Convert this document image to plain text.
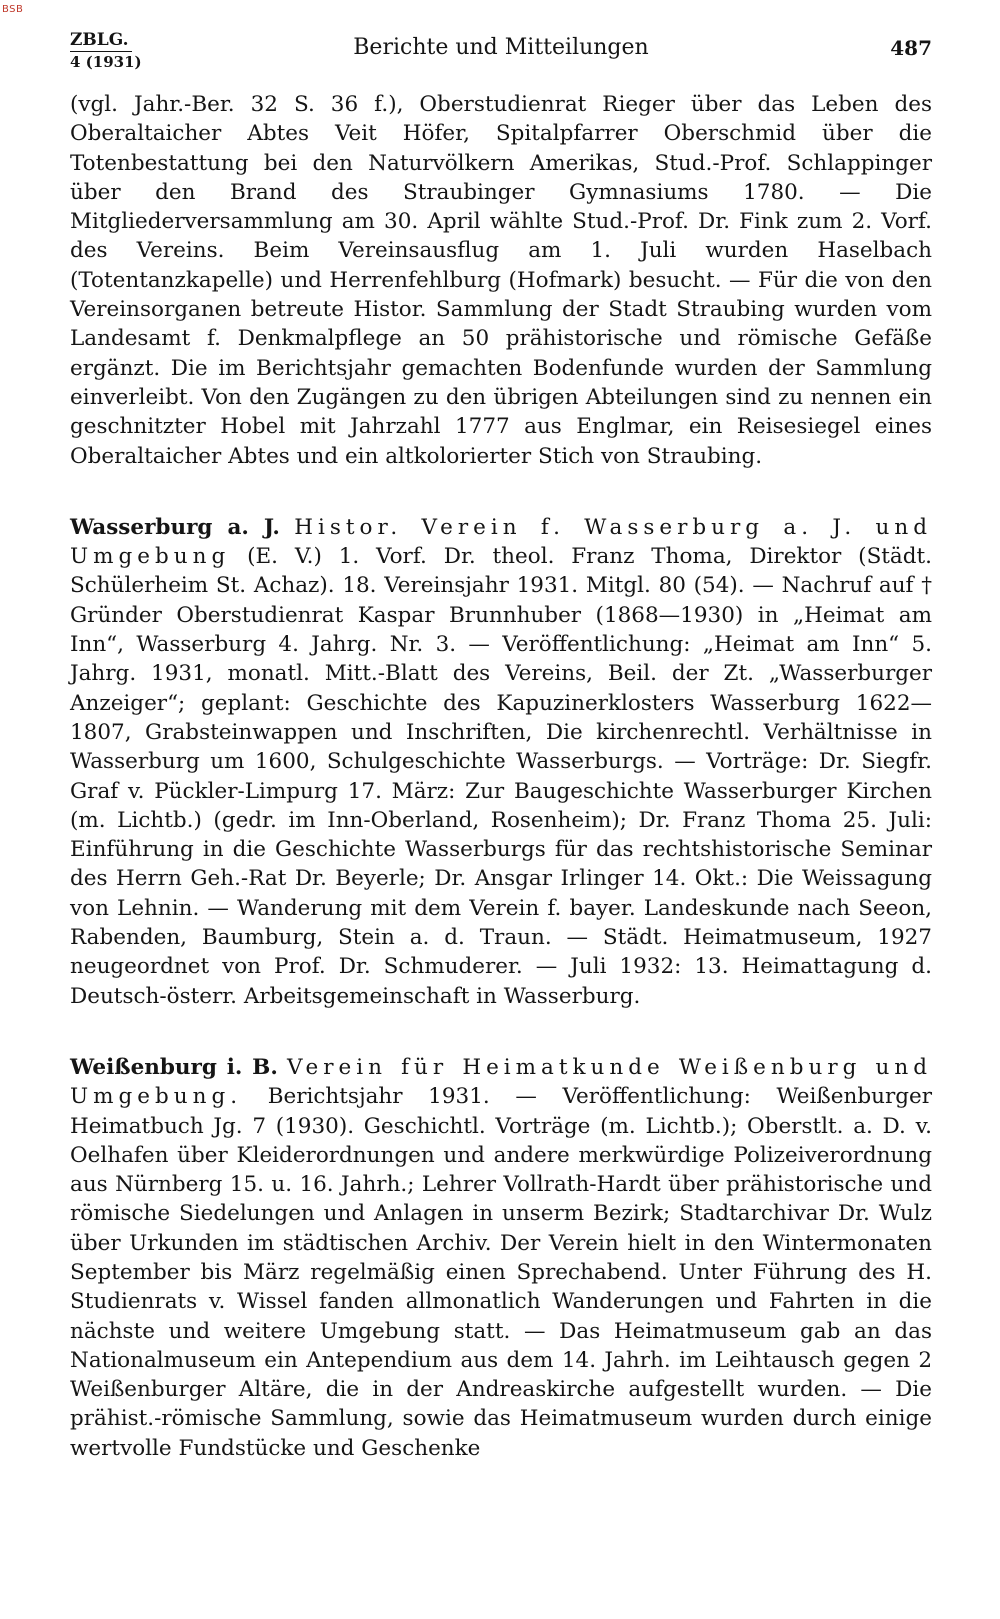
BSB
ZBLG.
4 (1931)
Berichte und Mitteilungen	487

(vgl. Jahr.-Ber. 32 S. 36 f.), Oberstudienrat Rieger über das Leben des Oberaltaicher Abtes Veit Höfer, Spitalpfarrer Oberschmid über die Totenbestattung bei den Naturvölkern Amerikas, Stud.-Prof. Schlappinger über den Brand des Straubinger Gymnasiums 1780. — Die Mitgliederversammlung am 30. April wählte Stud.-Prof. Dr. Fink zum 2. Vorf. des Vereins. Beim Vereinsausflug am 1. Juli wurden Haselbach (Totentanzkapelle) und Herrenfehlburg (Hofmark) besucht. — Für die von den Vereinsorganen betreute Histor. Sammlung der Stadt Straubing wurden vom Landesamt f. Denkmalpflege an 50 prähistorische und römische Gefäße ergänzt. Die im Berichtsjahr gemachten Bodenfunde wurden der Sammlung einverleibt. Von den Zugängen zu den übrigen Abteilungen sind zu nennen ein geschnitzter Hobel mit Jahrzahl 1777 aus Englmar, ein Reisesiegel eines Oberaltaicher Abtes und ein altkolorierter Stich von Straubing.

Wasserburg a. J. Histor. Verein f. Wasserburg a. J. und Umgebung (E. V.) 1. Vorf. Dr. theol. Franz Thoma, Direktor (Städt. Schülerheim St. Achaz). 18. Vereinsjahr 1931. Mitgl. 80 (54). — Nachruf auf † Gründer Oberstudienrat Kaspar Brunnhuber (1868—1930) in „Heimat am Inn“, Wasserburg 4. Jahrg. Nr. 3. — Veröffentlichung: „Heimat am Inn“ 5. Jahrg. 1931, monatl. Mitt.-Blatt des Vereins, Beil. der Zt. „Wasserburger Anzeiger“; geplant: Geschichte des Kapuzinerklosters Wasserburg 1622—1807, Grabsteinwappen und Inschriften, Die kirchenrechtl. Verhältnisse in Wasserburg um 1600, Schulgeschichte Wasserburgs. — Vorträge: Dr. Siegfr. Graf v. Pückler-Limpurg 17. März: Zur Baugeschichte Wasserburger Kirchen (m. Lichtb.) (gedr. im Inn-Oberland, Rosenheim); Dr. Franz Thoma 25. Juli: Einführung in die Geschichte Wasserburgs für das rechtshistorische Seminar des Herrn Geh.-Rat Dr. Beyerle; Dr. Ansgar Irlinger 14. Okt.: Die Weissagung von Lehnin. — Wanderung mit dem Verein f. bayer. Landeskunde nach Seeon, Rabenden, Baumburg, Stein a. d. Traun. — Städt. Heimatmuseum, 1927 neugeordnet von Prof. Dr. Schmuderer. — Juli 1932: 13. Heimattagung d. Deutsch-österr. Arbeitsgemeinschaft in Wasserburg.

Weißenburg i. B. Verein für Heimatkunde Weißenburg und Umgebung. Berichtsjahr 1931. — Veröffentlichung: Weißenburger Heimatbuch Jg. 7 (1930). Geschichtl. Vorträge (m. Lichtb.); Oberstlt. a. D. v. Oelhafen über Kleiderordnungen und andere merkwürdige Polizeiverordnung aus Nürnberg 15. u. 16. Jahrh.; Lehrer Vollrath-Hardt über prähistorische und römische Siedelungen und Anlagen in unserm Bezirk; Stadtarchivar Dr. Wulz über Urkunden im städtischen Archiv. Der Verein hielt in den Wintermonaten September bis März regelmäßig einen Sprechabend. Unter Führung des H. Studienrats v. Wissel fanden allmonatlich Wanderungen und Fahrten in die nächste und weitere Umgebung statt. — Das Heimatmuseum gab an das Nationalmuseum ein Antependium aus dem 14. Jahrh. im Leihtausch gegen 2 Weißenburger Altäre, die in der Andreaskirche aufgestellt wurden. — Die prähist.-römische Sammlung, sowie das Heimatmuseum wurden durch einige wertvolle Fundstücke und Geschenke
